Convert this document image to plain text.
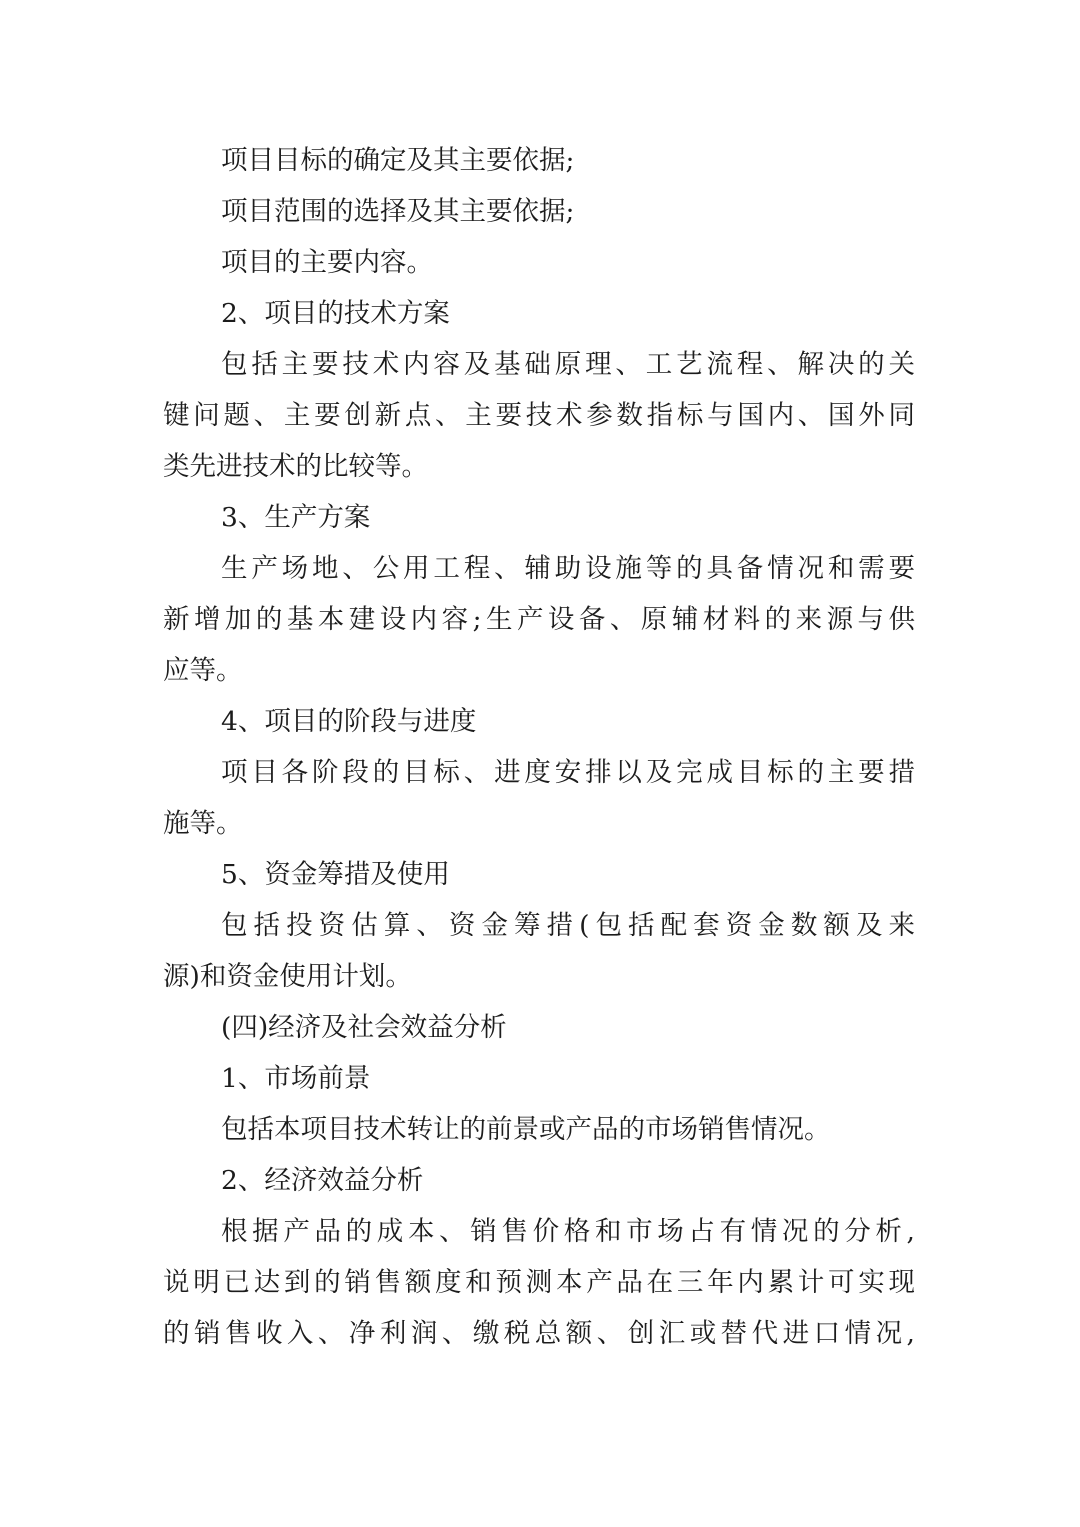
项目目标的确定及其主要依据;
项目范围的选择及其主要依据;
项目的主要内容。
2、项目的技术方案
包括主要技术内容及基础原理、工艺流程、解决的关
键问题、主要创新点、主要技术参数指标与国内、国外同
类先进技术的比较等。
3、生产方案
生产场地、公用工程、辅助设施等的具备情况和需要
新增加的基本建设内容;生产设备、原辅材料的来源与供
应等。
4、项目的阶段与进度
项目各阶段的目标、进度安排以及完成目标的主要措
施等。
5、资金筹措及使用
包括投资估算、资金筹措(包括配套资金数额及来
源)和资金使用计划。
(四)经济及社会效益分析
1、市场前景
包括本项目技术转让的前景或产品的市场销售情况。
2、经济效益分析
根据产品的成本、销售价格和市场占有情况的分析,
说明已达到的销售额度和预测本产品在三年内累计可实现
的销售收入、净利润、缴税总额、创汇或替代进口情况,
